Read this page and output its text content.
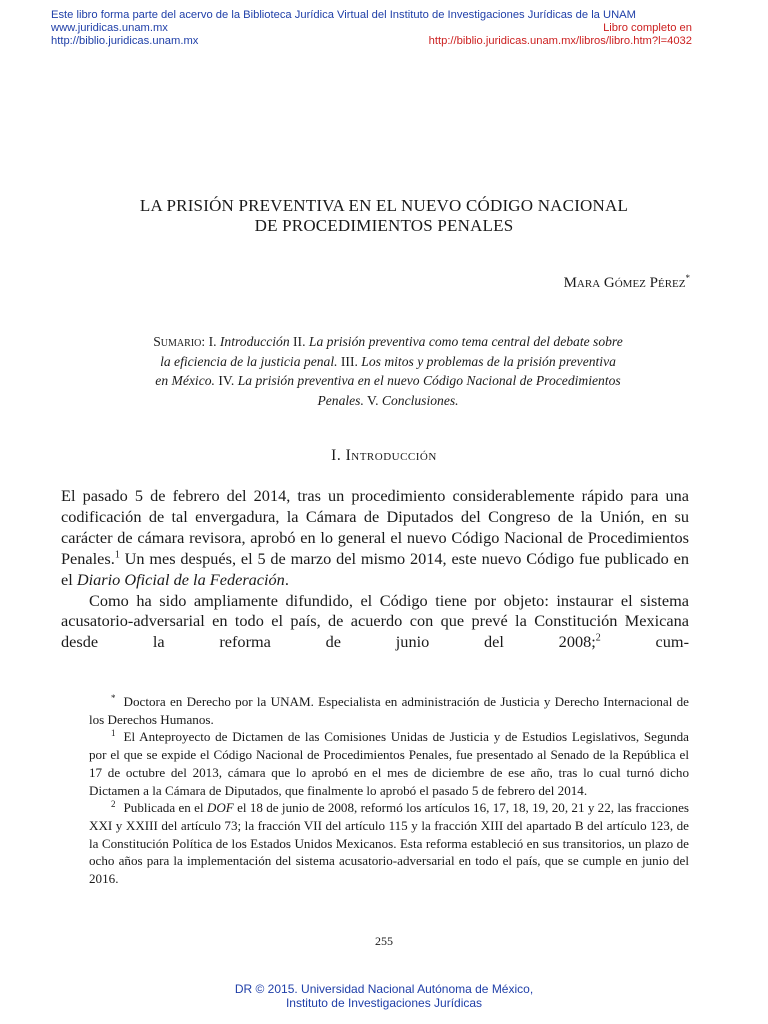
Este libro forma parte del acervo de la Biblioteca Jurídica Virtual del Instituto de Investigaciones Jurídicas de la UNAM
www.juridicas.unam.mx	Libro completo en
http://biblio.juridicas.unam.mx	http://biblio.juridicas.unam.mx/libros/libro.htm?l=4032
LA PRISIÓN PREVENTIVA EN EL NUEVO CÓDIGO NACIONAL
DE PROCEDIMIENTOS PENALES
Mara Gómez Pérez*
Sumario: I. Introducción II. La prisión preventiva como tema central del debate sobre la eficiencia de la justicia penal. III. Los mitos y problemas de la prisión preventiva en México. IV. La prisión preventiva en el nuevo Código Nacional de Procedimientos Penales. V. Conclusiones.
I. Introducción

El pasado 5 de febrero del 2014, tras un procedimiento considerablemente rápido para una codificación de tal envergadura, la Cámara de Diputados del Congreso de la Unión, en su carácter de cámara revisora, aprobó en lo general el nuevo Código Nacional de Procedimientos Penales.$^1$ Un mes después, el 5 de marzo del mismo 2014, este nuevo Código fue publicado en el Diario Oficial de la Federación.

Como ha sido ampliamente difundido, el Código tiene por objeto: instaurar el sistema acusatorio-adversarial en todo el país, de acuerdo con que prevé la Constitución Mexicana desde la reforma de junio del 2008;$^2$ cum-

* Doctora en Derecho por la UNAM. Especialista en administración de Justicia y Derecho Internacional de los Derechos Humanos.

$^1$ El Anteproyecto de Dictamen de las Comisiones Unidas de Justicia y de Estudios Legislativos, Segunda por el que se expide el Código Nacional de Procedimientos Penales, fue presentado al Senado de la República el 17 de octubre del 2013, cámara que lo aprobó en el mes de diciembre de ese año, tras lo cual turnó dicho Dictamen a la Cámara de Diputados, que finalmente lo aprobó el pasado 5 de febrero del 2014.

$^2$ Publicada en el DOF el 18 de junio de 2008, reformó los artículos 16, 17, 18, 19, 20, 21 y 22, las fracciones XXI y XXIII del artículo 73; la fracción VII del artículo 115 y la fracción XIII del apartado B del artículo 123, de la Constitución Política de los Estados Unidos Mexicanos. Esta reforma estableció en sus transitorios, un plazo de ocho años para la implementación del sistema acusatorio-adversarial en todo el país, que se cumple en junio del 2016.

255
DR © 2015. Universidad Nacional Autónoma de México,
Instituto de Investigaciones Jurídicas
